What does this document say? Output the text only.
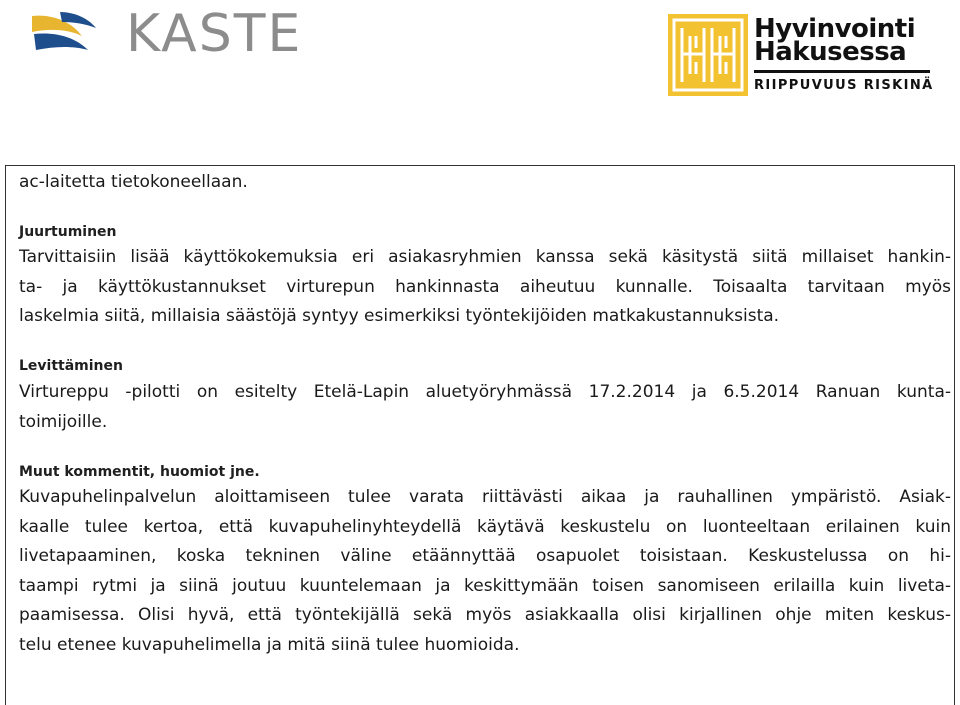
KASTE	Hyvinvointi
Hakusessa
RIIPPUVUUS RISKINÄ

ac-laitetta tietokoneellaan.

Juurtuminen

Tarvittaisiin lisää käyttökokemuksia eri asiakasryhmien kanssa sekä käsitystä siitä millaiset hankin-

ta- ja käyttökustannukset virturepun hankinnasta aiheutuu kunnalle. Toisaalta tarvitaan myös

laskelmia siitä, millaisia säästöjä syntyy esimerkiksi työntekijöiden matkakustannuksista.

Levittäminen

Virtureppu -pilotti on esitelty Etelä-Lapin aluetyöryhmässä 17.2.2014 ja 6.5.2014 Ranuan kunta-

toimijoille.

Muut kommentit, huomiot jne.

Kuvapuhelinpalvelun aloittamiseen tulee varata riittävästi aikaa ja rauhallinen ympäristö. Asiak-

kaalle tulee kertoa, että kuvapuhelinyhteydellä käytävä keskustelu on luonteeltaan erilainen kuin

livetapaaminen, koska tekninen väline etäännyttää osapuolet toisistaan. Keskustelussa on hi-

taampi rytmi ja siinä joutuu kuuntelemaan ja keskittymään toisen sanomiseen erilailla kuin liveta-

paamisessa. Olisi hyvä, että työntekijällä sekä myös asiakkaalla olisi kirjallinen ohje miten keskus-

telu etenee kuvapuhelimella ja mitä siinä tulee huomioida.
